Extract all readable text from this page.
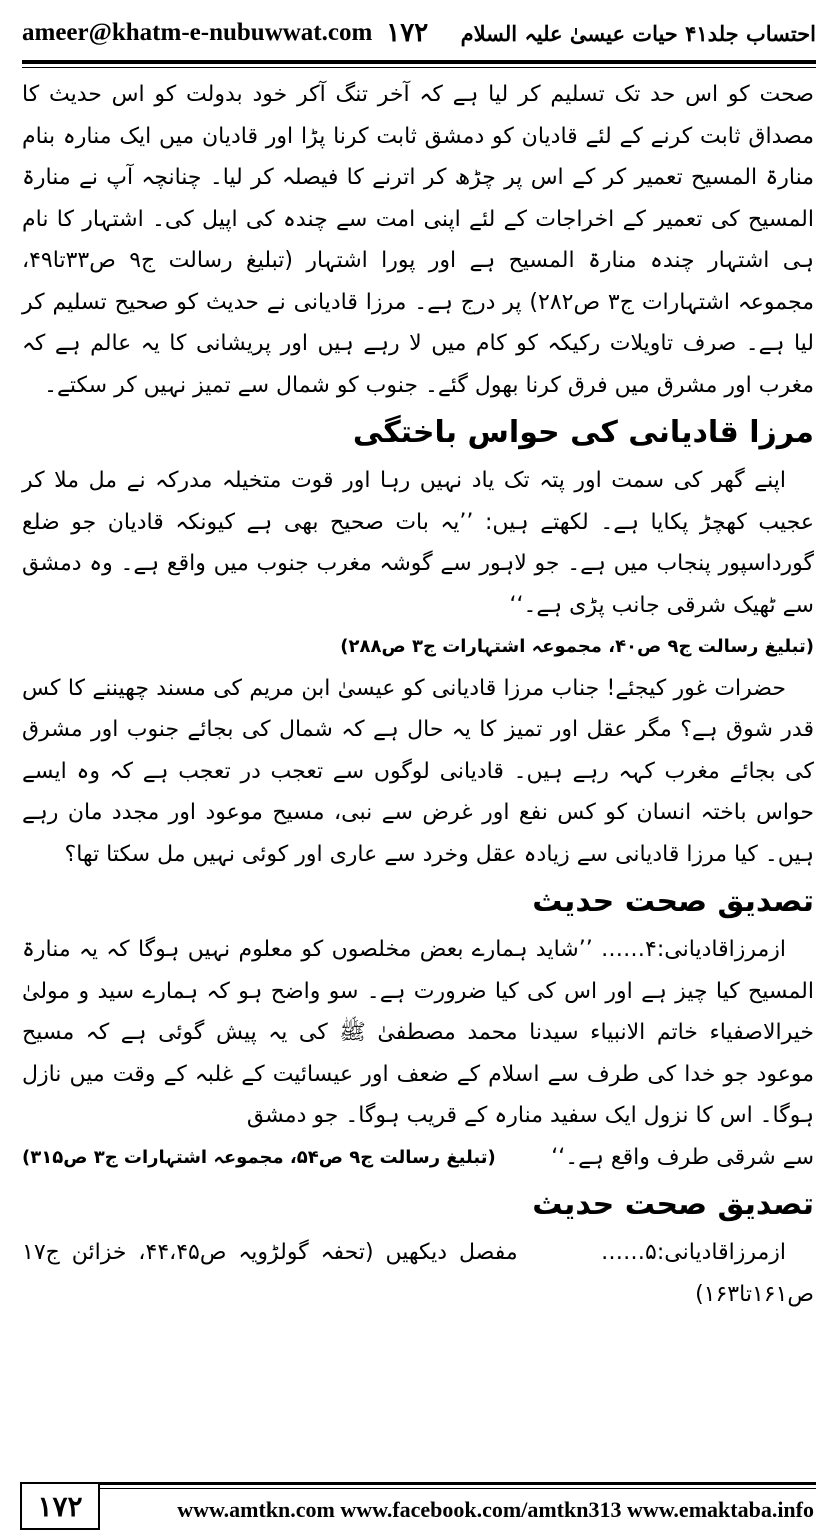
ameer@khatm-e-nubuwwat.com ۱۷۲ احتساب جلد۴۱ حیات عیسیٰ علیہ السلام

صحت کو اس حد تک تسلیم کر لیا ہے کہ آخر تنگ آکر خود بدولت کو اس حدیث کا مصداق ثابت کرنے کے لئے قادیان کو دمشق ثابت کرنا پڑا اور قادیان میں ایک منارہ بنام منارۃ المسیح تعمیر کر کے اس پر چڑھ کر اترنے کا فیصلہ کر لیا۔ چنانچہ آپ نے منارۃ المسیح کی تعمیر کے اخراجات کے لئے اپنی امت سے چندہ کی اپیل کی۔ اشتہار کا نام ہی اشتہار چندہ منارۃ المسیح ہے اور پورا اشتہار (تبلیغ رسالت ج۹ ص۳۳تا۴۹، مجموعہ اشتہارات ج۳ ص۲۸۲) پر درج ہے۔ مرزا قادیانی نے حدیث کو صحیح تسلیم کر لیا ہے۔ صرف تاویلات رکیکہ کو کام میں لا رہے ہیں اور پریشانی کا یہ عالم ہے کہ مغرب اور مشرق میں فرق کرنا بھول گئے۔ جنوب کو شمال سے تمیز نہیں کر سکتے۔

مرزا قادیانی کی حواس باختگی

اپنے گھر کی سمت اور پتہ تک یاد نہیں رہا اور قوت متخیلہ مدرکہ نے مل ملا کر عجیب کھچڑ پکایا ہے۔ لکھتے ہیں: ’’یہ بات صحیح بھی ہے کیونکہ قادیان جو ضلع گورداسپور پنجاب میں ہے۔ جو لاہور سے گوشہ مغرب جنوب میں واقع ہے۔ وہ دمشق سے ٹھیک شرقی جانب پڑی ہے۔‘‘

(تبلیغ رسالت ج۹ ص۴۰، مجموعہ اشتہارات ج۳ ص۲۸۸)

حضرات غور کیجئے! جناب مرزا قادیانی کو عیسیٰ ابن مریم کی مسند چھیننے کا کس قدر شوق ہے؟ مگر عقل اور تمیز کا یہ حال ہے کہ شمال کی بجائے جنوب اور مشرق کی بجائے مغرب کہہ رہے ہیں۔ قادیانی لوگوں سے تعجب در تعجب ہے کہ وہ ایسے حواس باختہ انسان کو کس نفع اور غرض سے نبی، مسیح موعود اور مجدد مان رہے ہیں۔ کیا مرزا قادیانی سے زیادہ عقل وخرد سے عاری اور کوئی نہیں مل سکتا تھا؟

تصدیق صحت حدیث

ازمرزاقادیانی:۴…… ’’شاید ہمارے بعض مخلصوں کو معلوم نہیں ہوگا کہ یہ منارۃ المسیح کیا چیز ہے اور اس کی کیا ضرورت ہے۔ سو واضح ہو کہ ہمارے سید و مولیٰ خیرالاصفیاء خاتم الانبیاء سیدنا محمد مصطفیٰ ﷺ کی یہ پیش گوئی ہے کہ مسیح موعود جو خدا کی طرف سے اسلام کے ضعف اور عیسائیت کے غلبہ کے وقت میں نازل ہوگا۔ اس کا نزول ایک سفید منارہ کے قریب ہوگا۔ جو دمشق

سے شرقی طرف واقع ہے۔‘‘
(تبلیغ رسالت ج۹ ص۵۴، مجموعہ اشتہارات ج۳ ص۳۱۵)
تصدیق صحت حدیث

ازمرزاقادیانی:۵……       مفصل دیکھیں (تحفہ گولڑویہ ص۴۴،۴۵، خزائن ج۱۷ ص۱۶۱تا۱۶۳)

۱۷۲	www.amtkn.com www.facebook.com/amtkn313 www.emaktaba.info
